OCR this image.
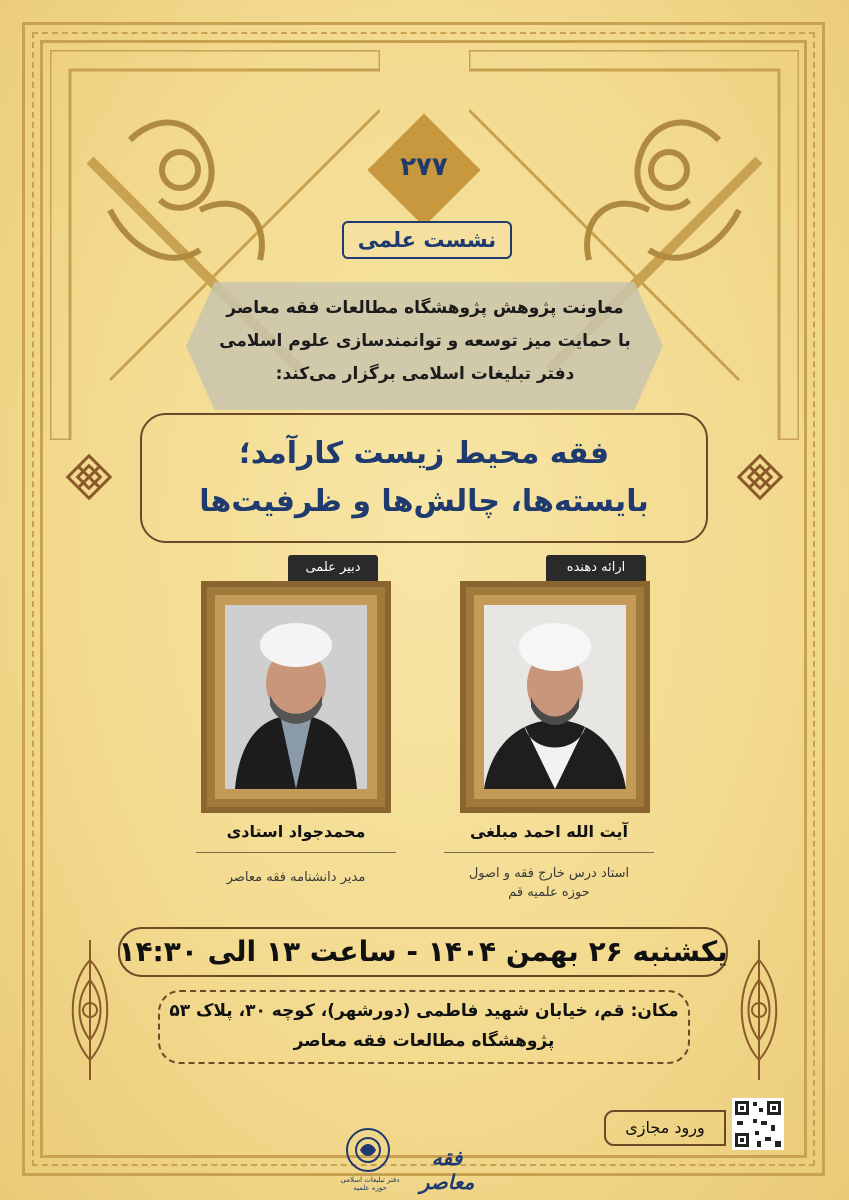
۲۷۷
نشست علمی
معاونت پژوهش پژوهشگاه مطالعات فقه معاصر
با حمایت میز توسعه و توانمندسازی علوم اسلامی
دفتر تبلیغات اسلامی برگزار می‌کند:
فقه محیط زیست کارآمد؛
بایسته‌ها، چالش‌ها و ظرفیت‌ها
دبیر علمی
محمدجواد استادی
مدیر دانشنامه فقه معاصر
ارائه دهنده
آیت الله احمد مبلغی
استاد درس خارج فقه و اصول
حوزه علمیه قم
یکشنبه ۲۶ بهمن ۱۴۰۴ - ساعت ۱۳ الی ۱۴:۳۰
مکان: قم، خیابان شهید فاطمی (دورشهر)، کوچه ۳۰، پلاک ۵۳
پژوهشگاه مطالعات فقه معاصر
ورود مجازی
دفتر تبلیغات اسلامی حوزه علمیه
فقه معاصر
